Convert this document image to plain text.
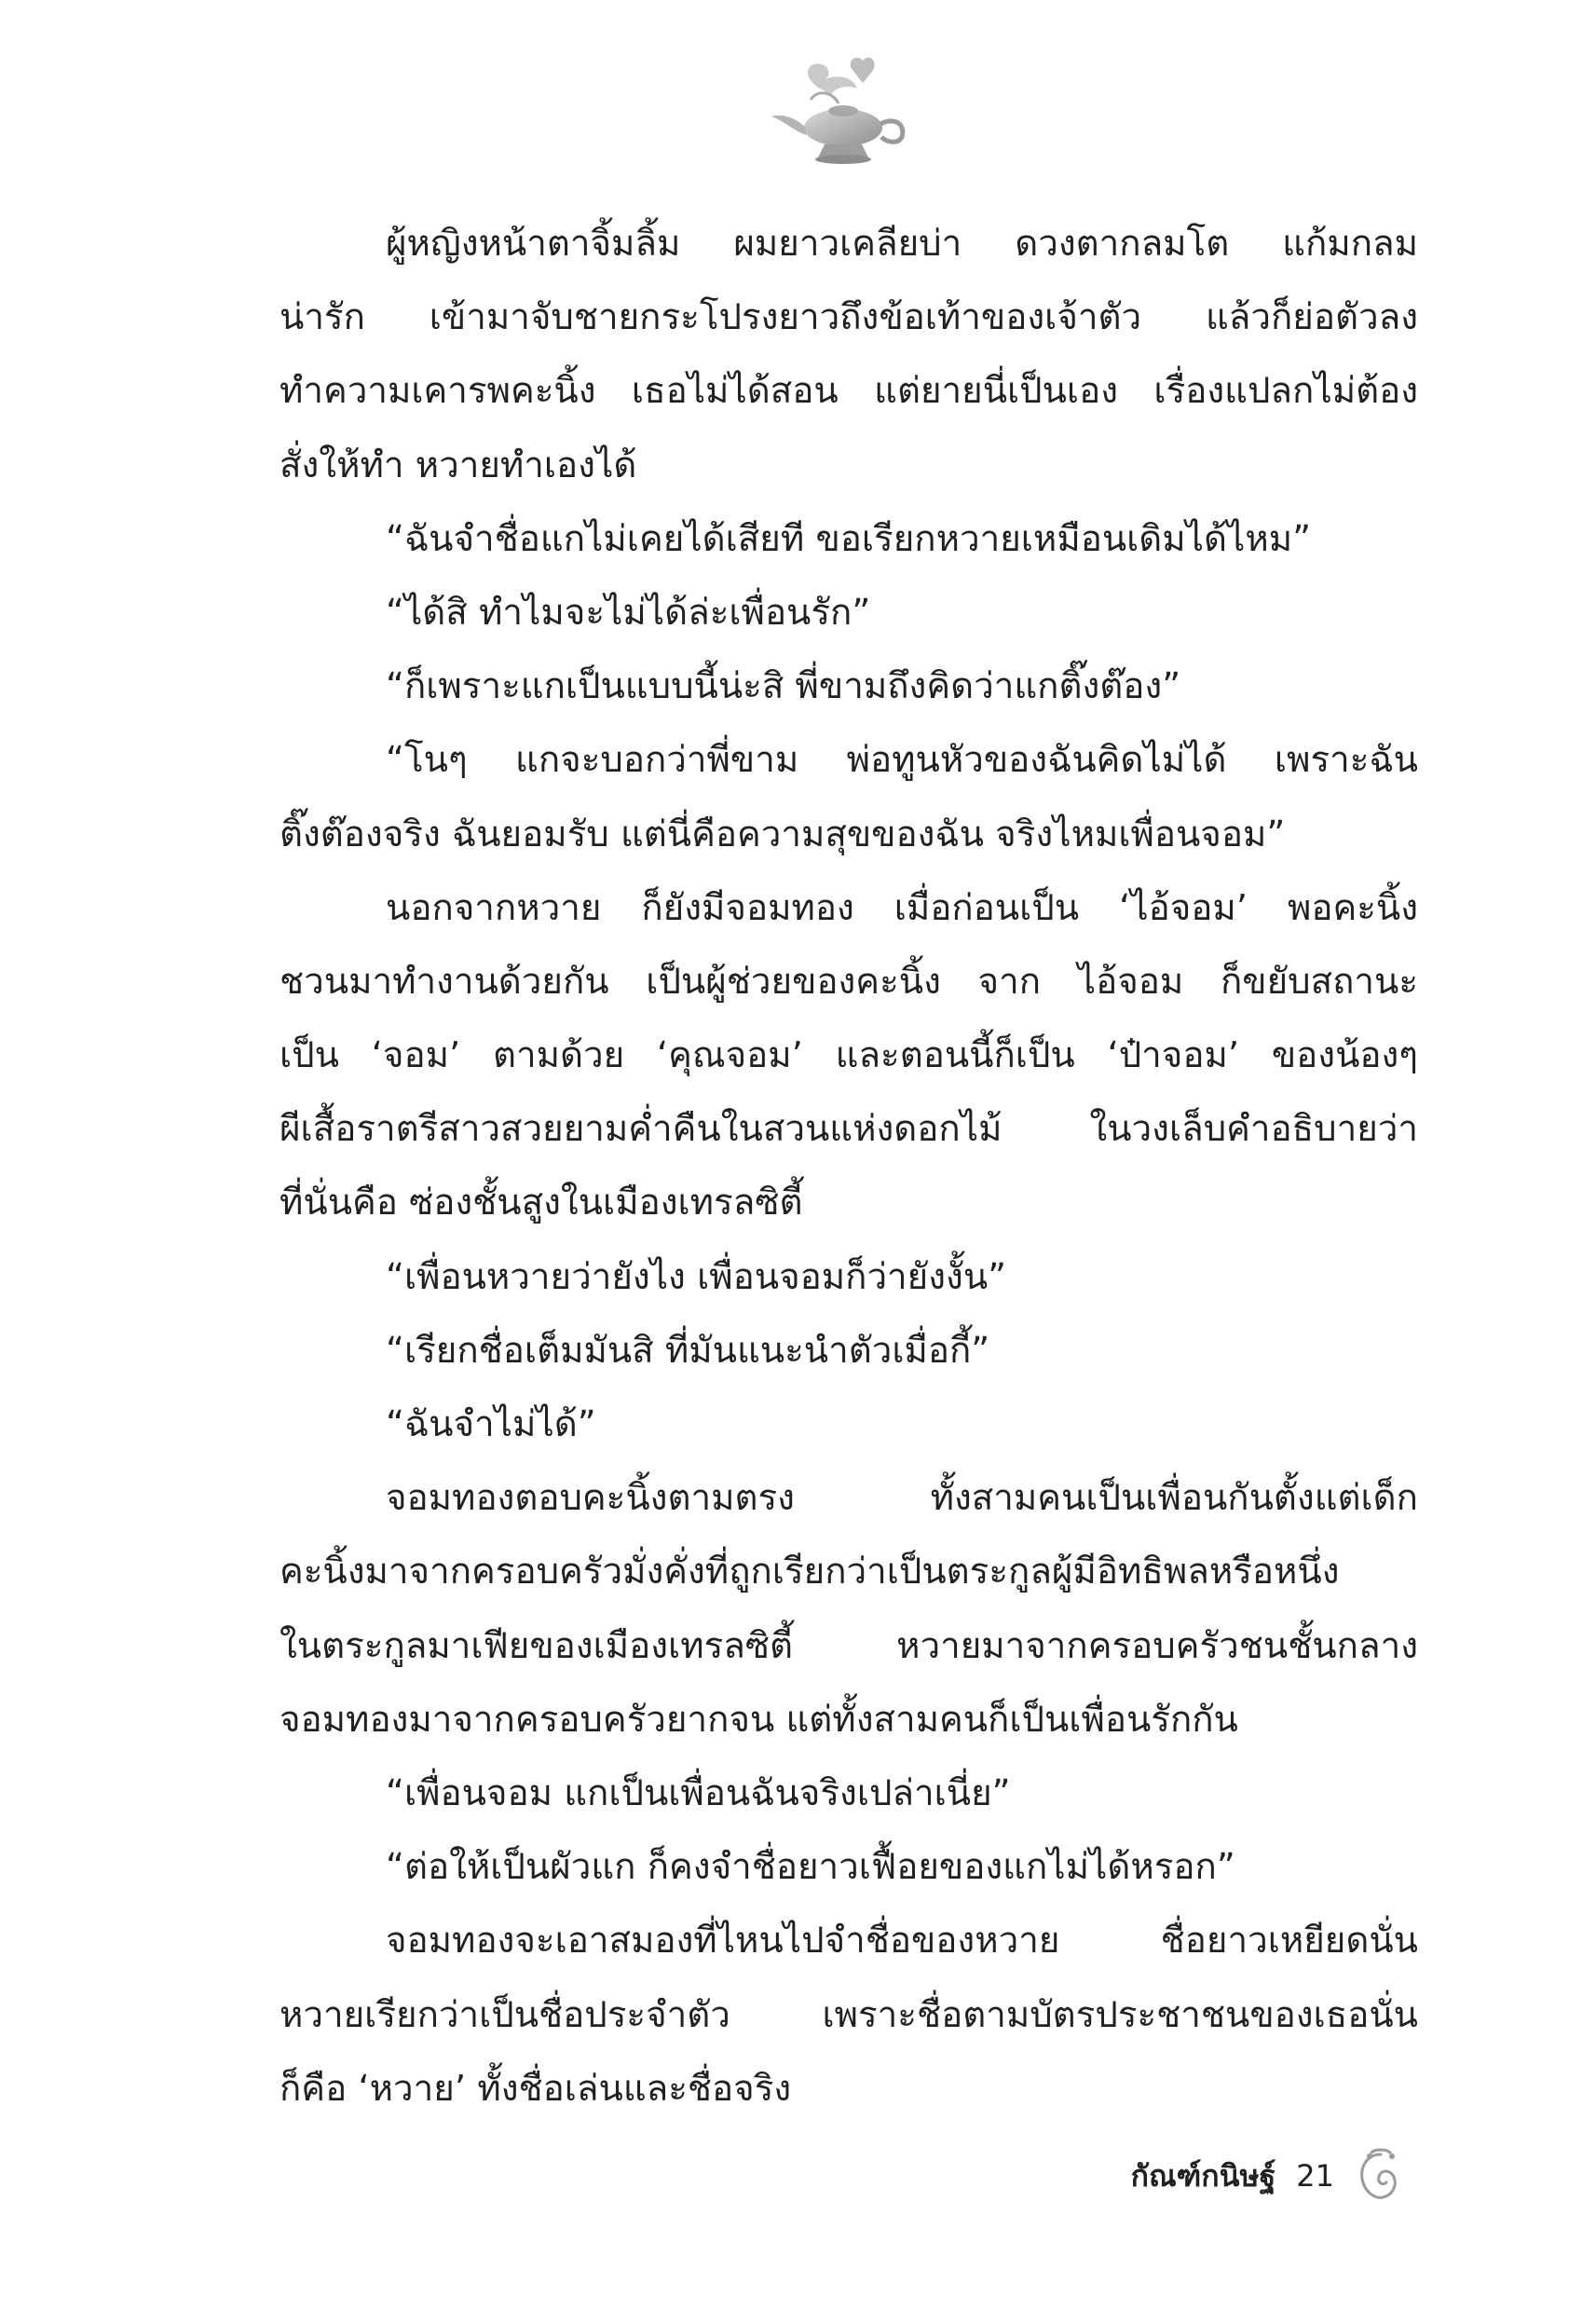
ผู้หญิงหน้าตาจิ้มลิ้ม ผมยาวเคลียบ่า ดวงตากลมโต แก้มกลม
น่ารัก เข้ามาจับชายกระโปรงยาวถึงข้อเท้าของเจ้าตัว แล้วก็ย่อตัวลง
ทำความเคารพคะนิ้ง เธอไม่ได้สอน แต่ยายนี่เป็นเอง เรื่องแปลกไม่ต้อง
สั่งให้ทำ หวายทำเองได้
“ฉันจำชื่อแกไม่เคยได้เสียที ขอเรียกหวายเหมือนเดิมได้ไหม”
“ได้สิ ทำไมจะไม่ได้ล่ะเพื่อนรัก”
“ก็เพราะแกเป็นแบบนี้น่ะสิ พี่ขามถึงคิดว่าแกติ๊งต๊อง”
“โนๆ แกจะบอกว่าพี่ขาม พ่อทูนหัวของฉันคิดไม่ได้ เพราะฉัน
ติ๊งต๊องจริง ฉันยอมรับ แต่นี่คือความสุขของฉัน จริงไหมเพื่อนจอม”
นอกจากหวาย ก็ยังมีจอมทอง เมื่อก่อนเป็น ‘ไอ้จอม’ พอคะนิ้ง
ชวนมาทำงานด้วยกัน เป็นผู้ช่วยของคะนิ้ง จาก ไอ้จอม ก็ขยับสถานะ
เป็น ‘จอม’ ตามด้วย ‘คุณจอม’ และตอนนี้ก็เป็น ‘ป๋าจอม’ ของน้องๆ
ผีเสื้อราตรีสาวสวยยามค่ำคืนในสวนแห่งดอกไม้ ในวงเล็บคำอธิบายว่า
ที่นั่นคือ ซ่องชั้นสูงในเมืองเทรลซิตี้
“เพื่อนหวายว่ายังไง เพื่อนจอมก็ว่ายังงั้น”
“เรียกชื่อเต็มมันสิ ที่มันแนะนำตัวเมื่อกี้”
“ฉันจำไม่ได้”
จอมทองตอบคะนิ้งตามตรง ทั้งสามคนเป็นเพื่อนกันตั้งแต่เด็ก
คะนิ้งมาจากครอบครัวมั่งคั่งที่ถูกเรียกว่าเป็นตระกูลผู้มีอิทธิพลหรือหนึ่ง
ในตระกูลมาเฟียของเมืองเทรลซิตี้ หวายมาจากครอบครัวชนชั้นกลาง
จอมทองมาจากครอบครัวยากจน แต่ทั้งสามคนก็เป็นเพื่อนรักกัน
“เพื่อนจอม แกเป็นเพื่อนฉันจริงเปล่าเนี่ย”
“ต่อให้เป็นผัวแก ก็คงจำชื่อยาวเฟื้อยของแกไม่ได้หรอก”
จอมทองจะเอาสมองที่ไหนไปจำชื่อของหวาย ชื่อยาวเหยียดนั่น
หวายเรียกว่าเป็นชื่อประจำตัว เพราะชื่อตามบัตรประชาชนของเธอนั่น
ก็คือ ‘หวาย’ ทั้งชื่อเล่นและชื่อจริง
กัณฑ์กนิษฐ์ 21
